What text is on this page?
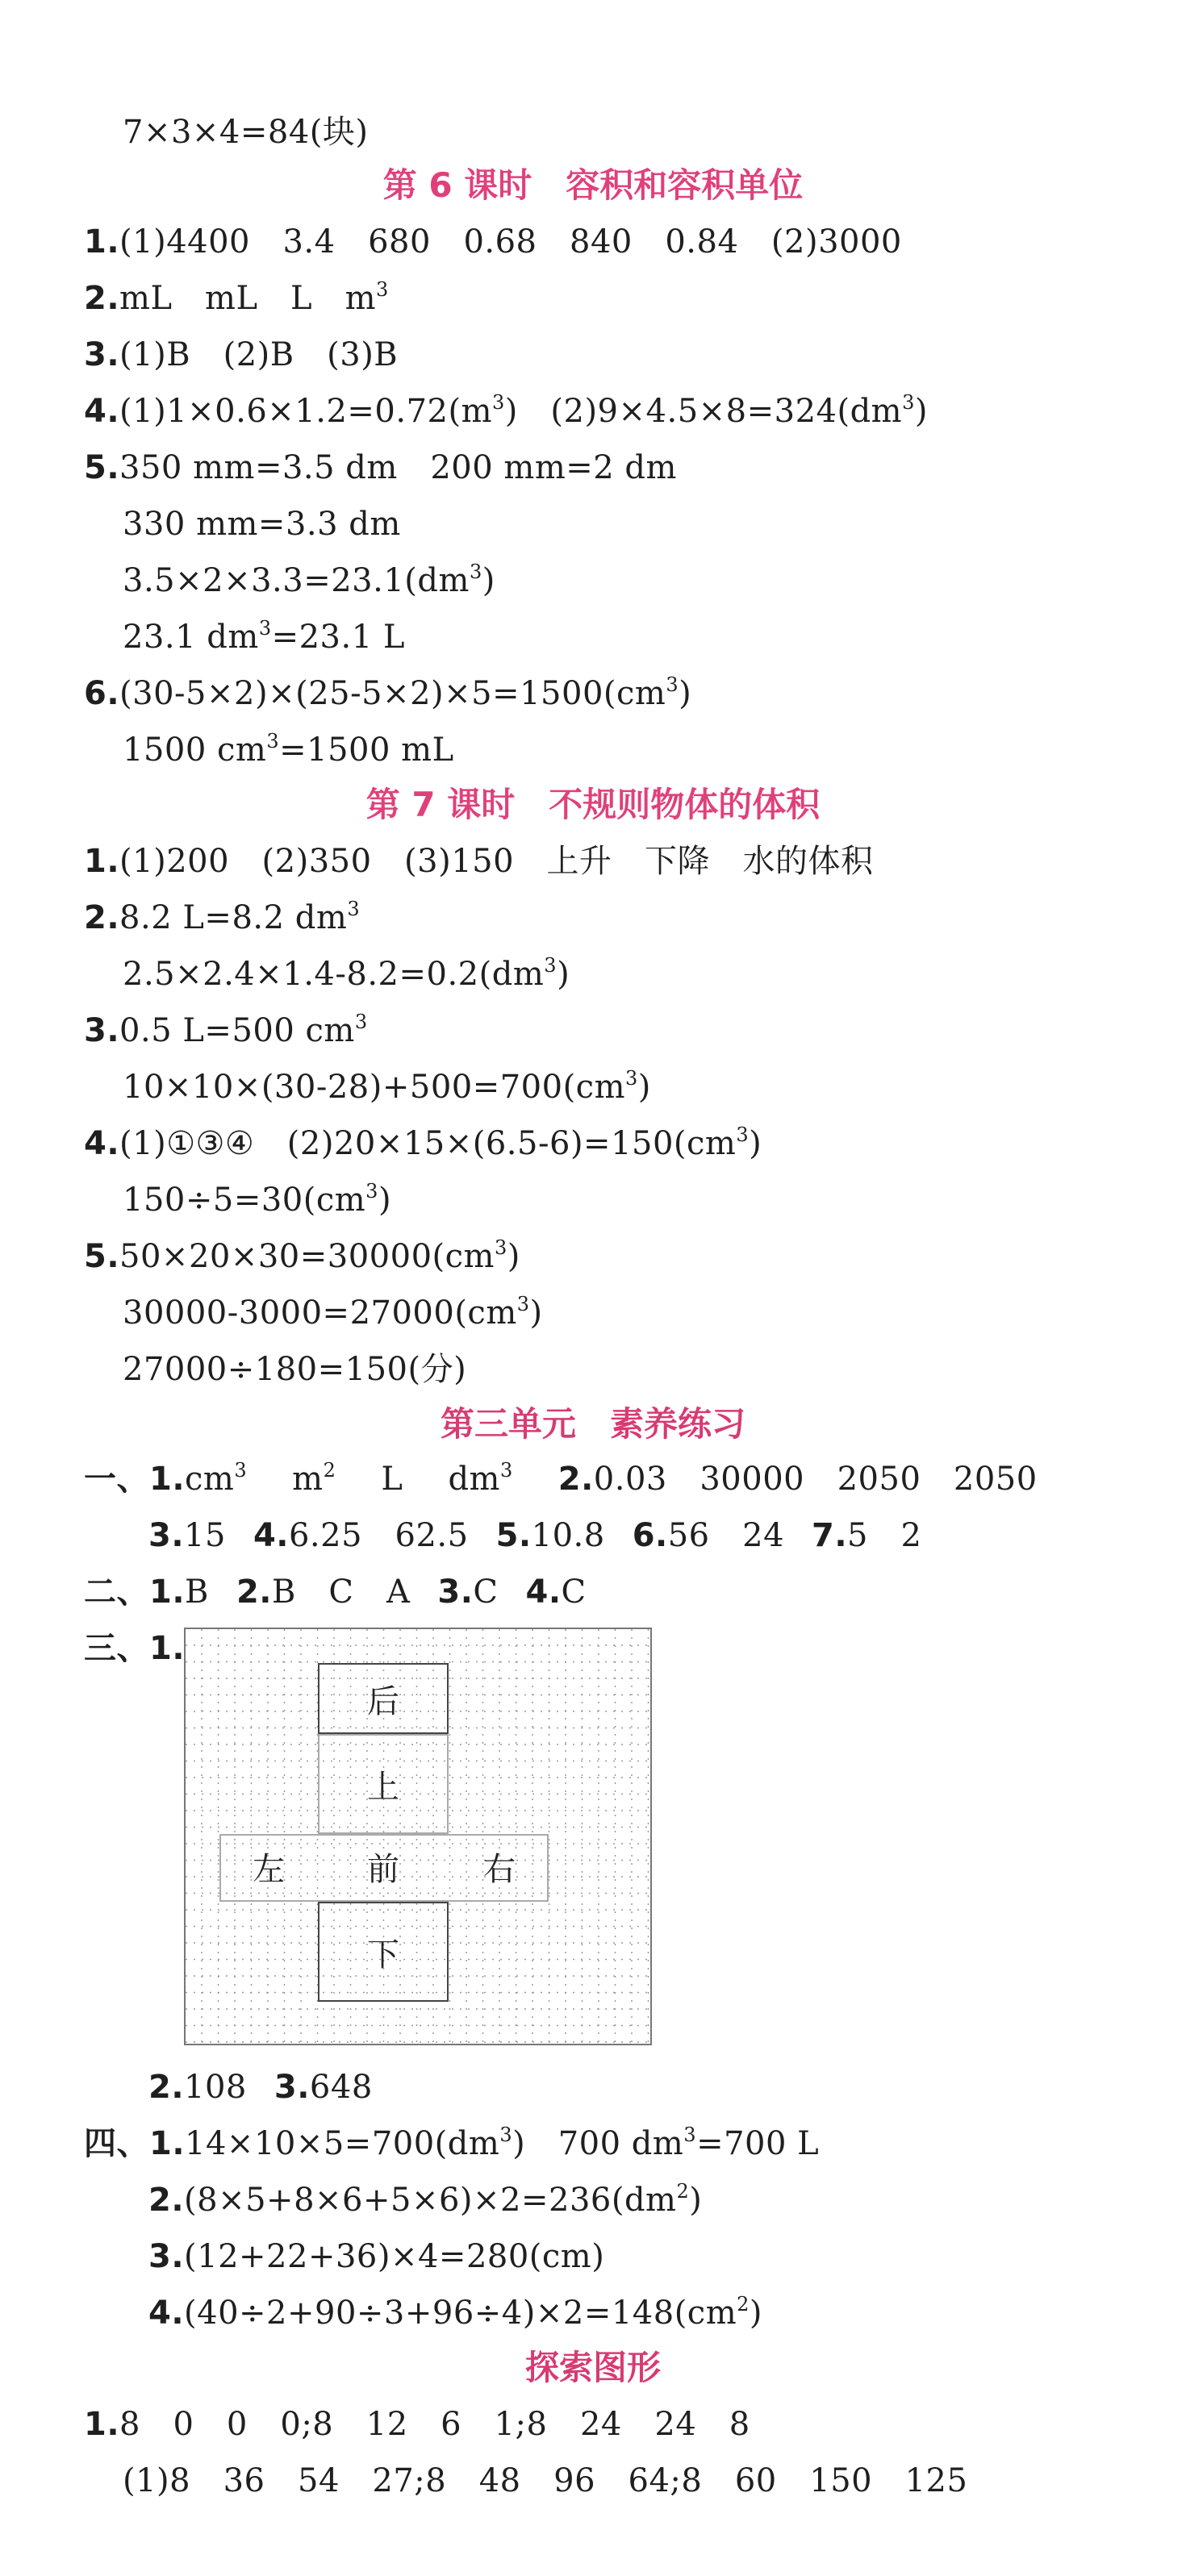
7×3×4=84(块)
第 6 课时　容积和容积单位
1.(1)4400　3.4　680　0.68　840　0.84　(2)3000
2.mL　mL　L　$m^3$
3.(1)B　(2)B　(3)B
$4.(1)1\times 0.6\times 1.2=0.72(m^3)$　$(2)9\times 4.5\times 8=324(dm^3)$
5.350 mm=3.5 dm　200 mm=2 dm
330 mm=3.3 dm
$3.5\times 2\times 3.3=23.1(dm^3)$
23.1 $dm^3=23.1$ L
$6.(30-5\times 2)\times(25-5\times 2)\times 5=1500(cm^3)$
1500 $cm^3=1500$ mL
第 7 课时　不规则物体的体积
1.(1)200　(2)350　(3)150　上升　下降　水的体积
2.8.2 L=8.2 $dm^3$
$2.5\times 2.4\times 1.4-8.2=0.2(dm^3)$
3.0.5 L=500 $cm^3$
$10\times 10\times(30-28)+500=700(cm^3)$
4.(1)①③④　$(2)20\times 15\times(6.5-6)=150(cm^3)$
$150\div 5=30(cm^3)$
$5.50\times 20\times 30=30000(cm^3)$
$30000-3000=27000(cm^3)$
27000÷180=150(分)
第三单元　素养练习
一、$1.cm^3$ $m^2$ L $dm^3$ 2.0.03　30000　2050　2050
3.15 4.6.25　62.5 5.10.8 6.56　24 7.5　2
二、1.B 2.B　C　A 3.C 4.C
三、1.
后
上
左	前	右
下
2.108 3.648
四、$1.14\times 10\times 5=700(dm^3)$　700 $dm^3=700$ L
$2.(8\times 5+8\times 6+5\times 6)\times 2=236(dm^2)$
3.(12+22+36)×4=280(cm)
$4.(40\div 2+90\div 3+96\div 4)\times 2=148(cm^2)$
探索图形
1.8　0　0　0;8　12　6　1;8　24　24　8
(1)8　36　54　27;8　48　96　64;8　60　150　125
